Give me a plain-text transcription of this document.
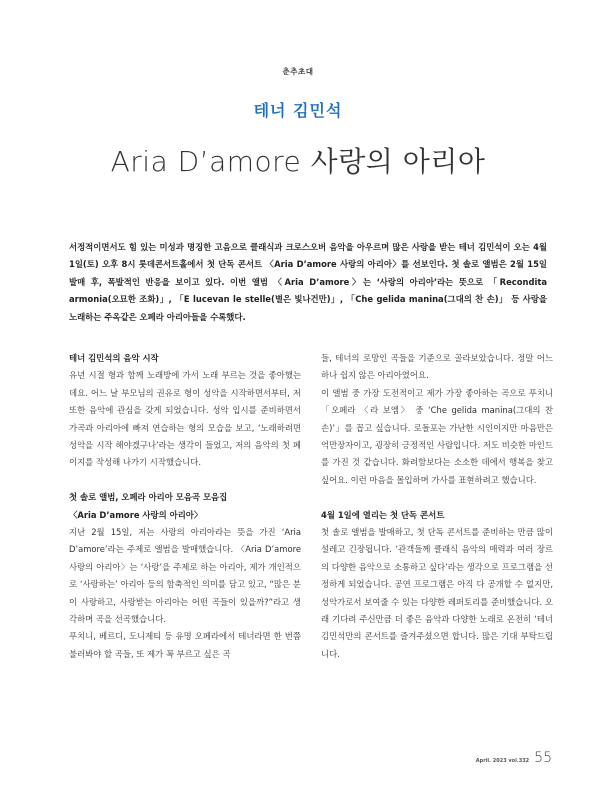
춘추초대
테너 김민석
Aria D’amore 사랑의 아리아
서정적이면서도 힘 있는 미성과 명징한 고음으로 클래식과 크로스오버 음악을 아우르며 많은 사랑을 받는 테너 김민석이 오는 4월 1일(토) 오후 8시 롯데콘서트홀에서 첫 단독 콘서트 〈Aria D’amore 사랑의 아리아〉를 선보인다. 첫 솔로 앨범은 2월 15일 발매 후, 폭발적인 반응을 보이고 있다. 이번 앨범 〈Aria D’amore〉는 ‘사랑의 아리아’라는 뜻으로 「Recondita armonia(오묘한 조화)」, 「E lucevan le stelle(별은 빛나건만)」, 「Che gelida manina(그대의 찬 손)」 등 사랑을 노래하는 주옥같은 오페라 아리아들을 수록했다.

테너 김민석의 음악 시작

유년 시절 형과 함께 노래방에 가서 노래 부르는 것을 좋아했는데요. 어느 날 부모님의 권유로 형이 성악을 시작하면서부터, 저 또한 음악에 관심을 갖게 되었습니다. 성악 입시를 준비하면서 가곡과 아리아에 빠져 연습하는 형의 모습을 보고, ‘노래하려면 성악을 시작 해야겠구나’라는 생각이 들었고, 저의 음악의 첫 페이지를 작성해 나가기 시작했습니다.

첫 솔로 앨범, 오페라 아리아 모음곡 모음집

〈Aria D’amore 사랑의 아리아〉

지난 2월 15일, 저는 사랑의 아리아라는 뜻을 가진 ‘Aria D’amore’라는 주제로 앨범을 발매했습니다. 〈Aria D’amore 사랑의 아리아〉는 ‘사랑’을 주제로 하는 아리아, 제가 개인적으로 ‘사랑하는’ 아리아 등의 함축적인 의미를 담고 있고, “많은 분이 사랑하고, 사랑받는 아리아는 어떤 곡들이 있을까?”라고 생각하며 곡을 선곡했습니다.

푸치니, 베르디, 도니제티 등 유명 오페라에서 테너라면 한 번쯤 불러봐야 할 곡들, 또 제가 꼭 부르고 싶은 곡

들, 테너의 로망인 곡들을 기준으로 골라보았습니다. 정말 어느 하나 쉽지 않은 아리아였어요.

이 앨범 중 가장 도전적이고 제가 가장 좋아하는 곡으로 푸치니 「오페라 〈라 보엠〉 중 ‘Che gelida manina(그대의 찬 손)’」를 꼽고 싶습니다. 로돌포는 가난한 시인이지만 마음만은 억만장자이고, 굉장히 긍정적인 사람입니다. 저도 비슷한 마인드를 가진 것 같습니다. 화려함보다는 소소한 데에서 행복을 찾고 싶어요. 이런 마음을 몰입하며 가사를 표현하려고 했습니다.

4월 1일에 열리는 첫 단독 콘서트

첫 솔로 앨범을 발매하고, 첫 단독 콘서트를 준비하는 만큼 많이 설레고 긴장됩니다. ‘관객들께 클래식 음악의 매력과 여러 장르의 다양한 음악으로 소통하고 싶다’라는 생각으로 프로그램을 선정하게 되었습니다. 공연 프로그램은 아직 다 공개할 수 없지만, 성악가로서 보여줄 수 있는 다양한 레퍼토리를 준비했습니다. 오래 기다려 주신만큼 더 좋은 음악과 다양한 노래로 온전히 ‘테너 김민석만의 콘서트를 즐겨주셨으면 합니다. 많은 기대 부탁드립니다.

April. 2023 vol.332 55
